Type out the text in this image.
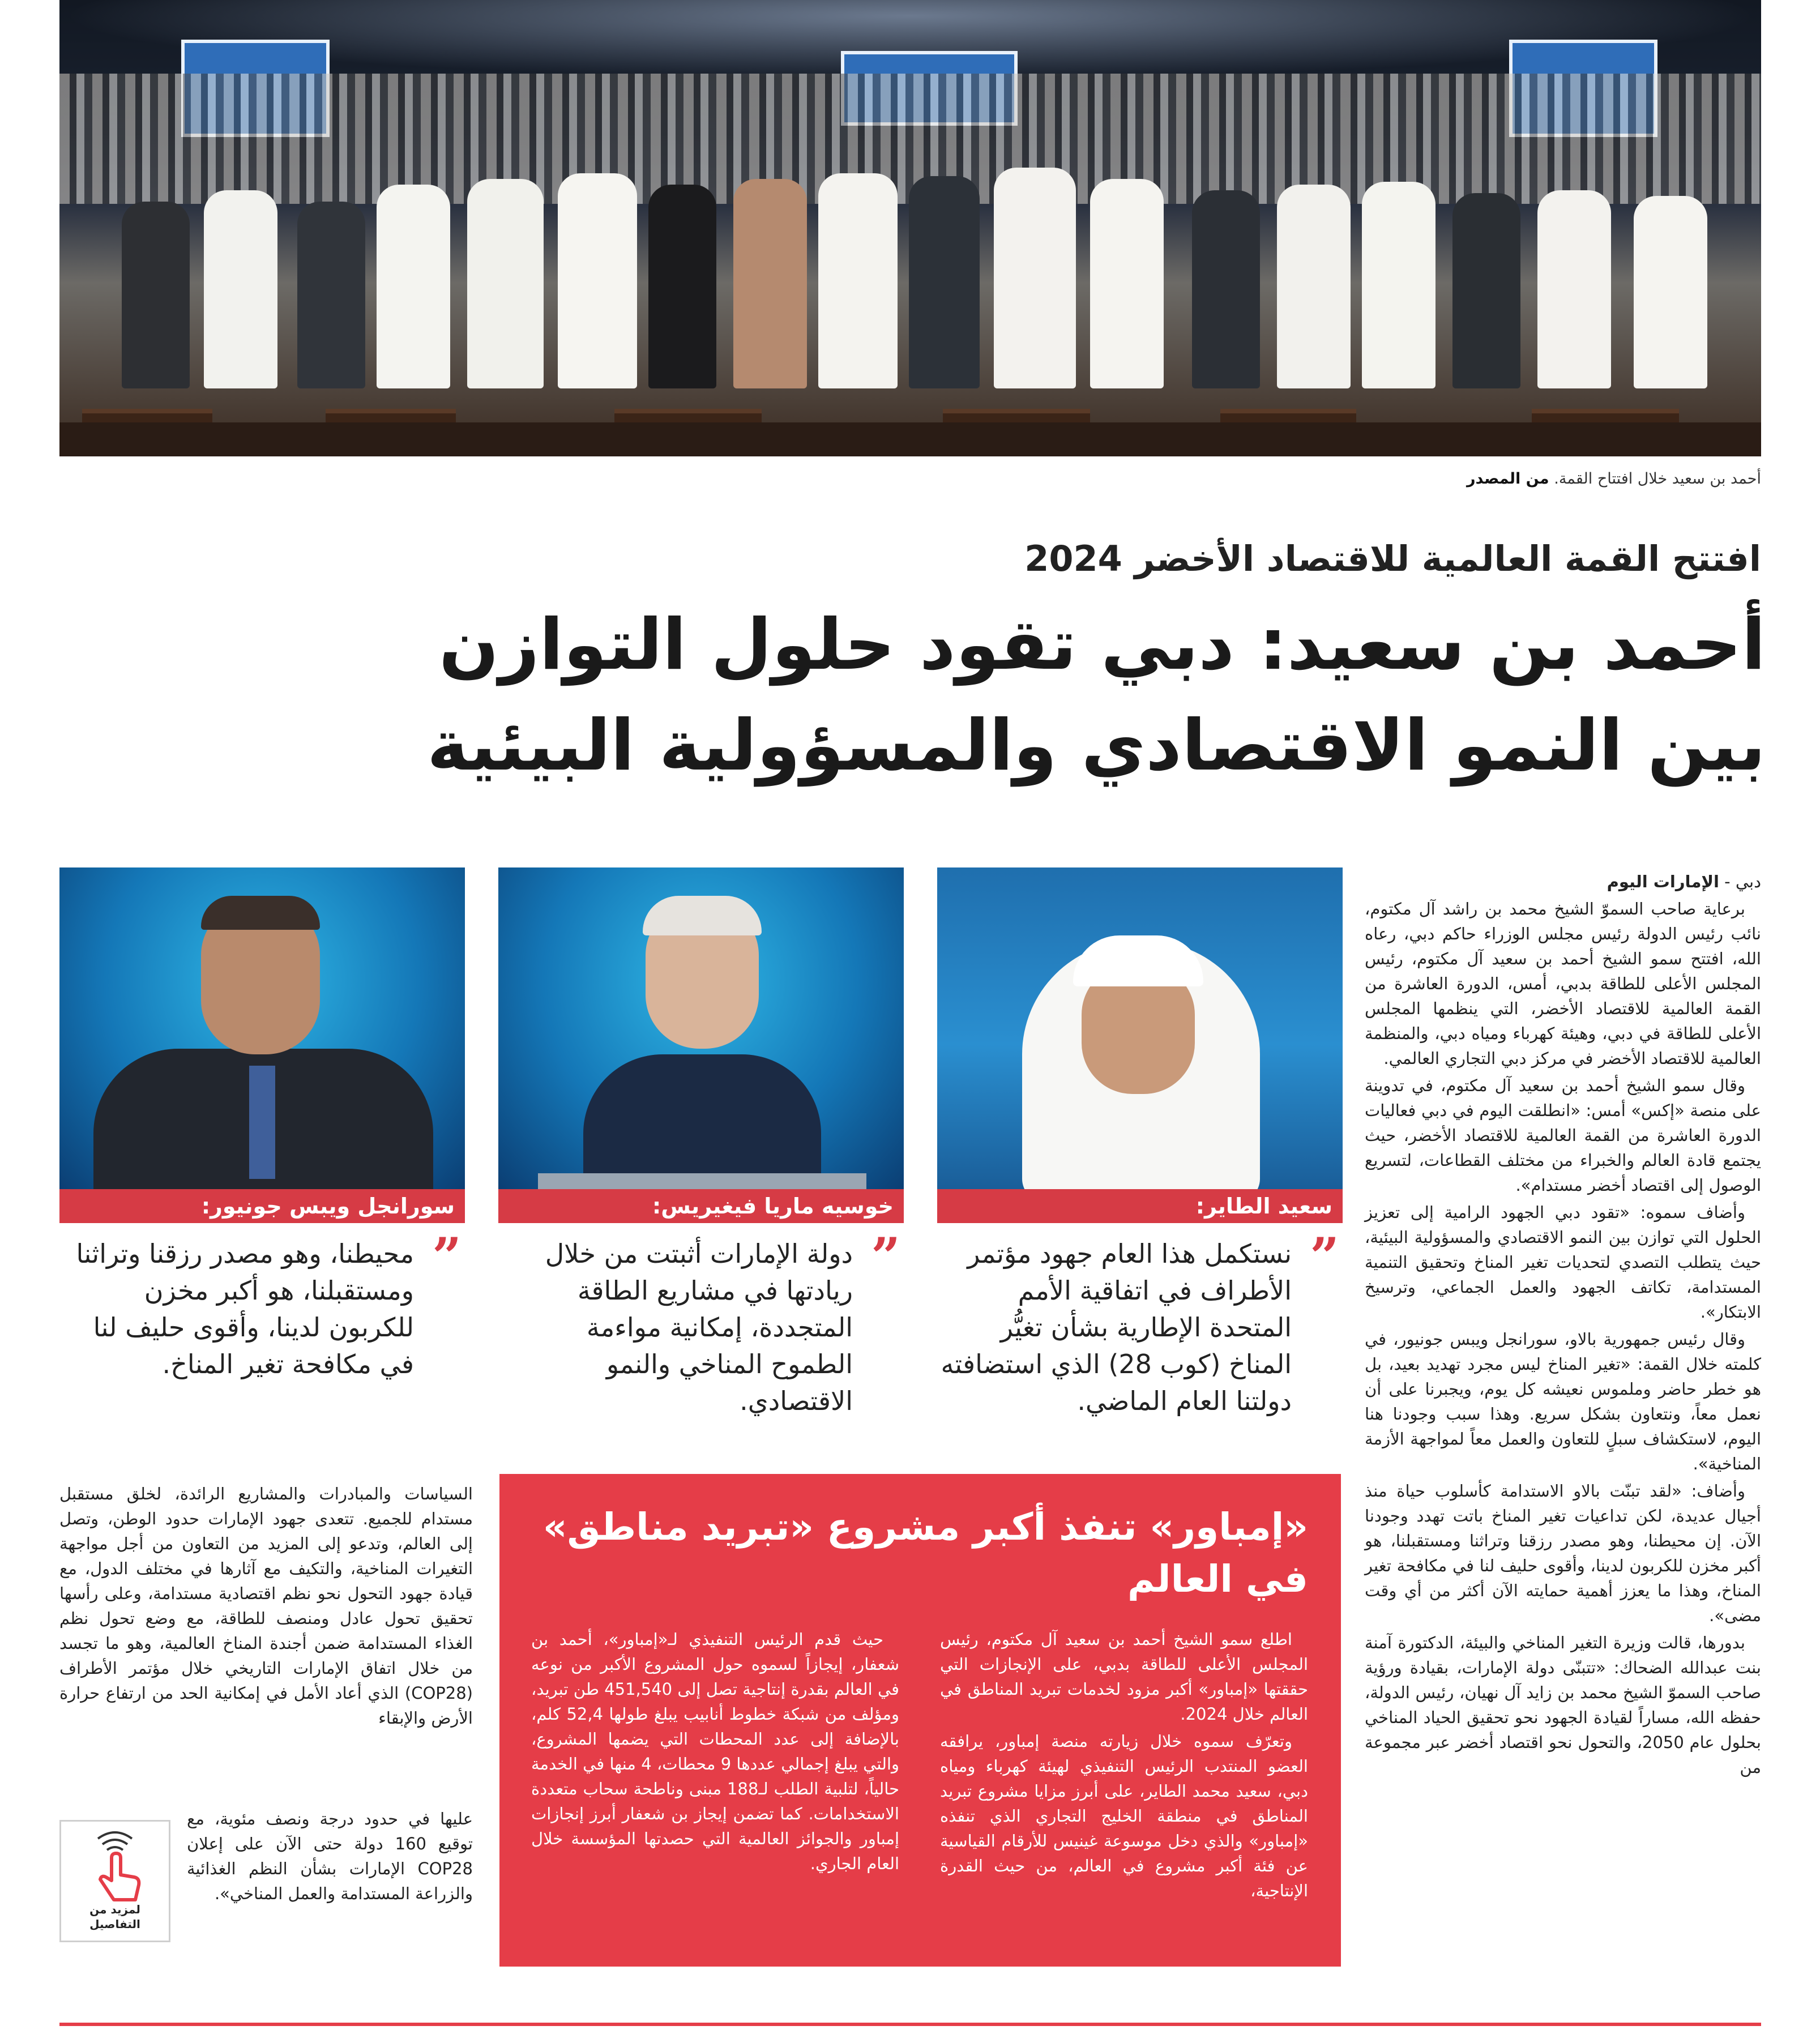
أحمد بن سعيد خلال افتتاح القمة. من المصدر
افتتح القمة العالمية للاقتصاد الأخضر 2024
أحمد بن سعيد: دبي تقود حلول التوازن
بين النمو الاقتصادي والمسؤولية البيئية

دبي - الإمارات اليوم

برعاية صاحب السموّ الشيخ محمد بن راشد آل مكتوم، نائب رئيس الدولة رئيس مجلس الوزراء حاكم دبي، رعاه الله، افتتح سمو الشيخ أحمد بن سعيد آل مكتوم، رئيس المجلس الأعلى للطاقة بدبي، أمس، الدورة العاشرة من القمة العالمية للاقتصاد الأخضر، التي ينظمها المجلس الأعلى للطاقة في دبي، وهيئة كهرباء ومياه دبي، والمنظمة العالمية للاقتصاد الأخضر في مركز دبي التجاري العالمي.

وقال سمو الشيخ أحمد بن سعيد آل مكتوم، في تدوينة على منصة «إكس» أمس: «انطلقت اليوم في دبي فعاليات الدورة العاشرة من القمة العالمية للاقتصاد الأخضر، حيث يجتمع قادة العالم والخبراء من مختلف القطاعات، لتسريع الوصول إلى اقتصاد أخضر مستدام».

وأضاف سموه: «تقود دبي الجهود الرامية إلى تعزيز الحلول التي توازن بين النمو الاقتصادي والمسؤولية البيئية، حيث يتطلب التصدي لتحديات تغير المناخ وتحقيق التنمية المستدامة، تكاتف الجهود والعمل الجماعي، وترسيخ الابتكار».

وقال رئيس جمهورية بالاو، سورانجل ويبس جونيور، في كلمته خلال القمة: «تغير المناخ ليس مجرد تهديد بعيد، بل هو خطر حاضر وملموس نعيشه كل يوم، ويجبرنا على أن نعمل معاً، ونتعاون بشكل سريع. وهذا سبب وجودنا هنا اليوم، لاستكشاف سبلٍ للتعاون والعمل معاً لمواجهة الأزمة المناخية».

وأضاف: «لقد تبنّت بالاو الاستدامة كأسلوب حياة منذ أجيال عديدة، لكن تداعيات تغير المناخ باتت تهدد وجودنا الآن. إن محيطنا، وهو مصدر رزقنا وتراثنا ومستقبلنا، هو أكبر مخزن للكربون لدينا، وأقوى حليف لنا في مكافحة تغير المناخ، وهذا ما يعزز أهمية حمايته الآن أكثر من أي وقت مضى».

بدورها، قالت وزيرة التغير المناخي والبيئة، الدكتورة آمنة بنت عبدالله الضحاك: «تتبنّى دولة الإمارات، بقيادة ورؤية صاحب السموّ الشيخ محمد بن زايد آل نهيان، رئيس الدولة، حفظه الله، مساراً لقيادة الجهود نحو تحقيق الحياد المناخي بحلول عام 2050، والتحول نحو اقتصاد أخضر عبر مجموعة من

سعيد الطاير:
”
نستكمل هذا العام جهود مؤتمر الأطراف في اتفاقية الأمم المتحدة الإطارية بشأن تغيُّر المناخ (كوب 28) الذي استضافته دولتنا العام الماضي.
خوسيه ماريا فيغيريس:
”
دولة الإمارات أثبتت من خلال ريادتها في مشاريع الطاقة المتجددة، إمكانية مواءمة الطموح المناخي والنمو الاقتصادي.
سورانجل ويبس جونيور:
”
محيطنا، وهو مصدر رزقنا وتراثنا ومستقبلنا، هو أكبر مخزن للكربون لدينا، وأقوى حليف لنا في مكافحة تغير المناخ.
«إمباور» تنفذ أكبر مشروع «تبريد مناطق» في العالم

اطلع سمو الشيخ أحمد بن سعيد آل مكتوم، رئيس المجلس الأعلى للطاقة بدبي، على الإنجازات التي حققتها «إمباور» أكبر مزود لخدمات تبريد المناطق في العالم خلال 2024.

وتعرّف سموه خلال زيارته منصة إمباور، يرافقه العضو المنتدب الرئيس التنفيذي لهيئة كهرباء ومياه دبي، سعيد محمد الطاير، على أبرز مزايا مشروع تبريد المناطق في منطقة الخليج التجاري الذي تنفذه «إمباور» والذي دخل موسوعة غينيس للأرقام القياسية عن فئة أكبر مشروع في العالم، من حيث القدرة الإنتاجية،

حيث قدم الرئيس التنفيذي لـ«إمباور»، أحمد بن شعفار، إيجازاً لسموه حول المشروع الأكبر من نوعه في العالم بقدرة إنتاجية تصل إلى 451,540 طن تبريد، ومؤلف من شبكة خطوط أنابيب يبلغ طولها 52,4 كلم، بالإضافة إلى عدد المحطات التي يضمها المشروع، والتي يبلغ إجمالي عددها 9 محطات، 4 منها في الخدمة حالياً، لتلبية الطلب لـ188 مبنى وناطحة سحاب متعددة الاستخدامات. كما تضمن إيجاز بن شعفار أبرز إنجازات إمباور والجوائز العالمية التي حصدتها المؤسسة خلال العام الجاري.

السياسات والمبادرات والمشاريع الرائدة، لخلق مستقبل مستدام للجميع. تتعدى جهود الإمارات حدود الوطن، وتصل إلى العالم، وتدعو إلى المزيد من التعاون من أجل مواجهة التغيرات المناخية، والتكيف مع آثارها في مختلف الدول، مع قيادة جهود التحول نحو نظم اقتصادية مستدامة، وعلى رأسها تحقيق تحول عادل ومنصف للطاقة، مع وضع تحول نظم الغذاء المستدامة ضمن أجندة المناخ العالمية، وهو ما تجسد من خلال اتفاق الإمارات التاريخي خلال مؤتمر الأطراف (COP28) الذي أعاد الأمل في إمكانية الحد من ارتفاع حرارة الأرض والإبقاء

لمزيد من
التفاصيل

عليها في حدود درجة ونصف مئوية، مع توقيع 160 دولة حتى الآن على إعلان COP28 الإمارات بشأن النظم الغذائية والزراعة المستدامة والعمل المناخي».
